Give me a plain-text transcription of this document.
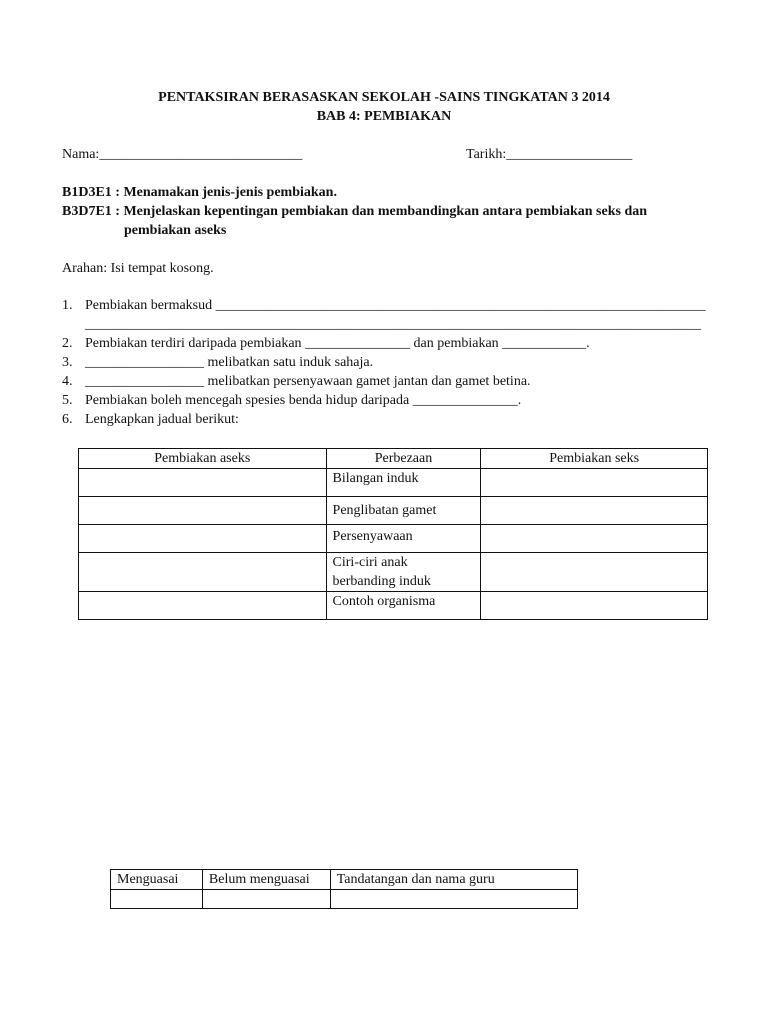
PENTAKSIRAN BERASASKAN SEKOLAH -SAINS TINGKATAN 3 2014
BAB 4: PEMBIAKAN
Nama:_____________________________	Tarikh:__________________
B1D3E1 : Menamakan jenis-jenis pembiakan.
B3D7E1 : Menjelaskan kepentingan pembiakan dan membandingkan antara pembiakan seks dan
pembiakan aseks
Arahan: Isi tempat kosong.
1. Pembiakan bermaksud ______________________________________________________________________
________________________________________________________________________________________
2. Pembiakan terdiri daripada pembiakan _______________ dan pembiakan ____________.
3. _________________ melibatkan satu induk sahaja.
4. _________________ melibatkan persenyawaan gamet jantan dan gamet betina.
5. Pembiakan boleh mencegah spesies benda hidup daripada _______________.
6. Lengkapkan jadual berikut:
Pembiakan aseks	Perbezaan	Pembiakan seks
	Bilangan induk	

	Penglibatan gamet	

	Persenyawaan	

	Ciri-ciri anak
berbanding induk	

	Contoh organisma	
Menguasai	Belum menguasai	Tandatangan dan nama guru
